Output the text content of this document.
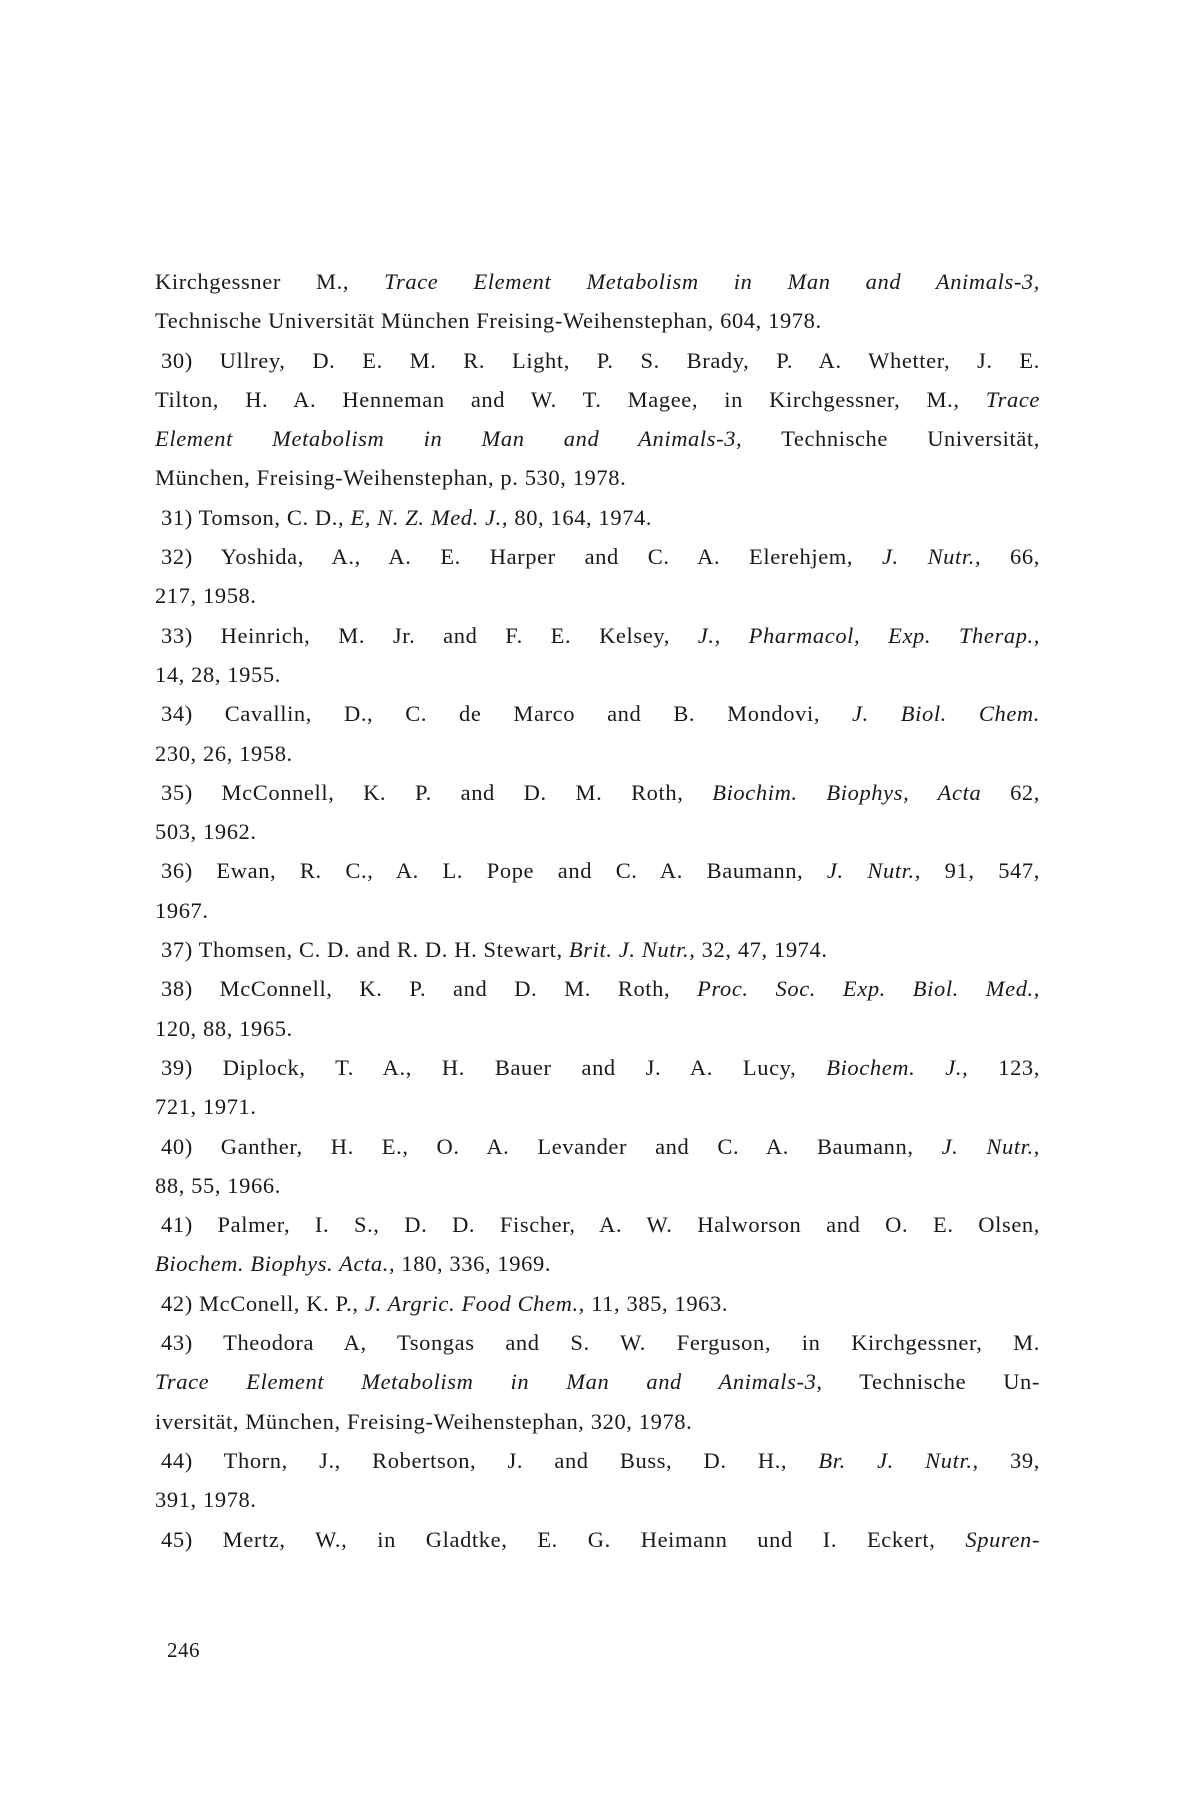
Kirchgessner M., Trace Element Metabolism in Man and Animals-3,
Technische Universität München Freising-Weihenstephan, 604, 1978.
30) Ullrey, D. E. M. R. Light, P. S. Brady, P. A. Whetter, J. E.
Tilton, H. A. Henneman and W. T. Magee, in Kirchgessner, M., Trace
Element Metabolism in Man and Animals-3, Technische Universität,
München, Freising-Weihenstephan, p. 530, 1978.
31) Tomson, C. D., E, N. Z. Med. J., 80, 164, 1974.
32) Yoshida, A., A. E. Harper and C. A. Elerehjem, J. Nutr., 66,
217, 1958.
33) Heinrich, M. Jr. and F. E. Kelsey, J., Pharmacol, Exp. Therap.,
14, 28, 1955.
34) Cavallin, D., C. de Marco and B. Mondovi, J. Biol. Chem.
230, 26, 1958.
35) McConnell, K. P. and D. M. Roth, Biochim. Biophys, Acta 62,
503, 1962.
36) Ewan, R. C., A. L. Pope and C. A. Baumann, J. Nutr., 91, 547,
1967.
37) Thomsen, C. D. and R. D. H. Stewart, Brit. J. Nutr., 32, 47, 1974.
38) McConnell, K. P. and D. M. Roth, Proc. Soc. Exp. Biol. Med.,
120, 88, 1965.
39) Diplock, T. A., H. Bauer and J. A. Lucy, Biochem. J., 123,
721, 1971.
40) Ganther, H. E., O. A. Levander and C. A. Baumann, J. Nutr.,
88, 55, 1966.
41) Palmer, I. S., D. D. Fischer, A. W. Halworson and O. E. Olsen,
Biochem. Biophys. Acta., 180, 336, 1969.
42) McConell, K. P., J. Argric. Food Chem., 11, 385, 1963.
43) Theodora A, Tsongas and S. W. Ferguson, in Kirchgessner, M.
Trace Element Metabolism in Man and Animals-3, Technische Un-
iversität, München, Freising-Weihenstephan, 320, 1978.
44) Thorn, J., Robertson, J. and Buss, D. H., Br. J. Nutr., 39,
391, 1978.
45) Mertz, W., in Gladtke, E. G. Heimann und I. Eckert, Spuren-
246
